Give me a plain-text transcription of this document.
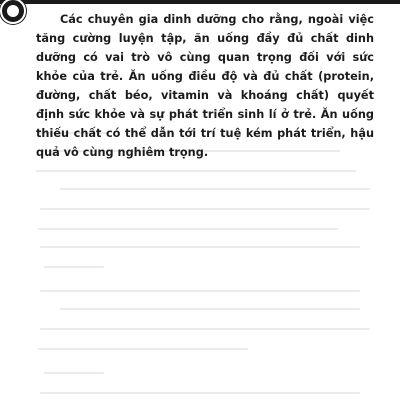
Các chuyên gia dinh dưỡng cho rằng, ngoài việc tăng cường luyện tập, ăn uống đầy đủ chất dinh dưỡng có vai trò vô cùng quan trọng đối với sức khỏe của trẻ. Ăn uống điều độ và đủ chất (protein, đường, chất béo, vitamin và khoáng chất) quyết định sức khỏe và sự phát triển sinh lí ở trẻ. Ăn uống thiếu chất có thể dẫn tới trí tuệ kém phát triển, hậu quả vô cùng nghiêm trọng.
